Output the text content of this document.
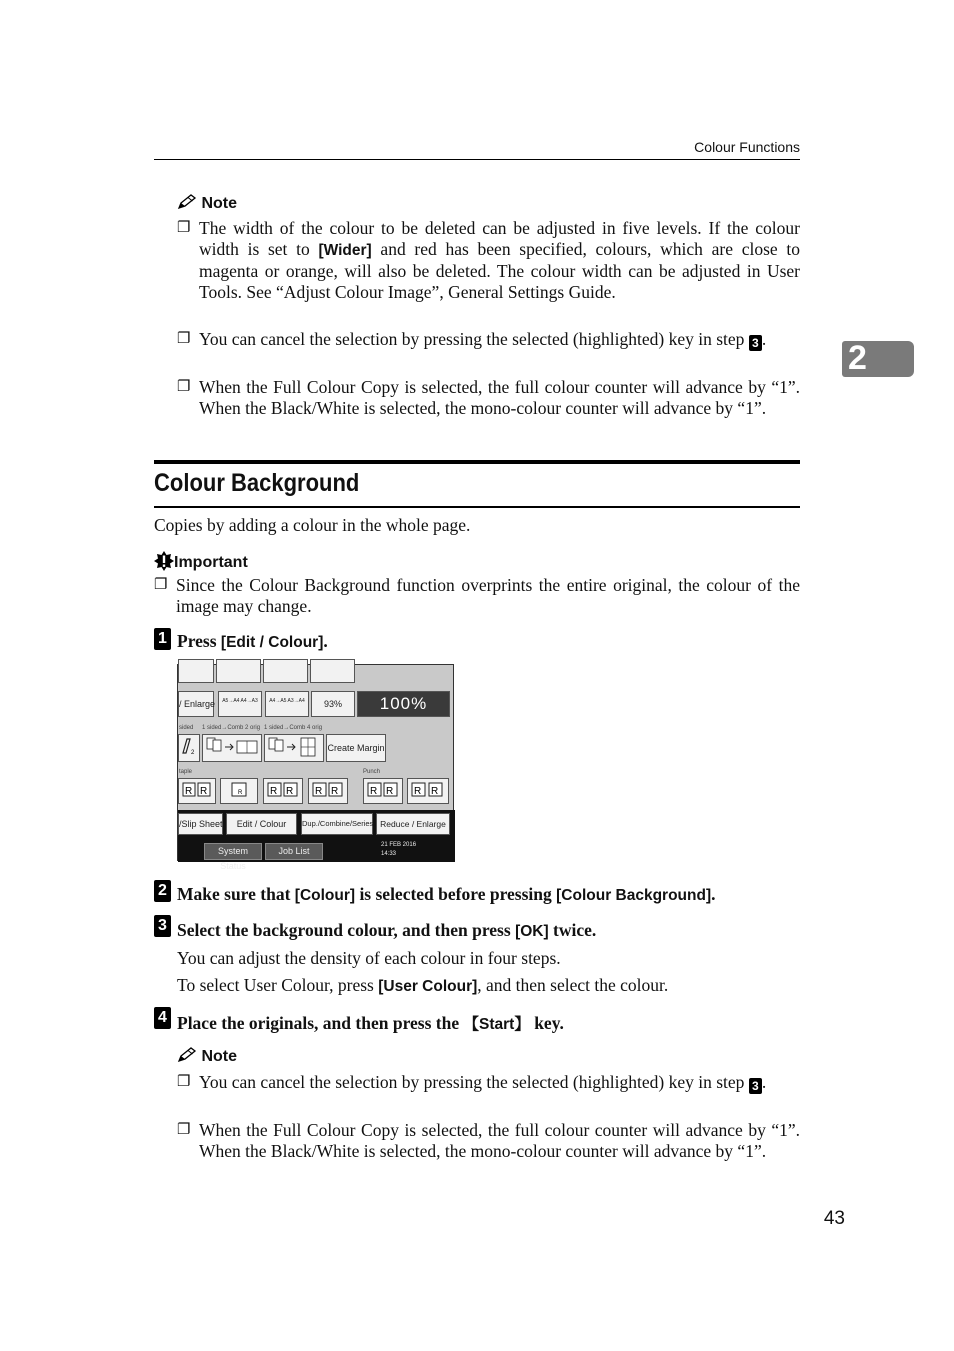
Colour Functions
2
Note
❐ The width of the colour to be deleted can be adjusted in five levels. If the colour width is set to [Wider] and red has been specified, colours, which are close to magenta or orange, will also be deleted. The colour width can be adjusted in User Tools. See “Adjust Colour Image”, General Settings Guide.
❐ You can cancel the selection by pressing the selected (highlighted) key in step 3 .
❐ When the Full Colour Copy is selected, the full colour counter will advance by “1”. When the Black/White is selected, the mono-colour counter will advance by “1”.
Colour Background
Copies by adding a colour in the whole page.
Important
❐ Since the Colour Background function overprints the entire original, the colour of the image may change.
1 Press [Edit / Colour].
/ Enlarge	A5→A4 A4→A3	A4→A5 A3→A4	93%	100%
sided 1 sided→Comb 2 orig 1 sided→Comb 4 orig
2	Create Margin
taple	Punch
R R	R	R R R R	R R R R
/Slip Sheet	Edit / Colour	Dup./Combine/Series Reduce / Enlarge
System Status
Job List
21 FEB 2016
14:33
2 Make sure that [Colour] is selected before pressing [Colour Background].
3 Select the background colour, and then press [OK] twice.
You can adjust the density of each colour in four steps.
To select User Colour, press [User Colour], and then select the colour.
4 Place the originals, and then press the 【Start】 key.
Note
❐ You can cancel the selection by pressing the selected (highlighted) key in step 3 .
❐ When the Full Colour Copy is selected, the full colour counter will advance by “1”. When the Black/White is selected, the mono-colour counter will advance by “1”.
43
